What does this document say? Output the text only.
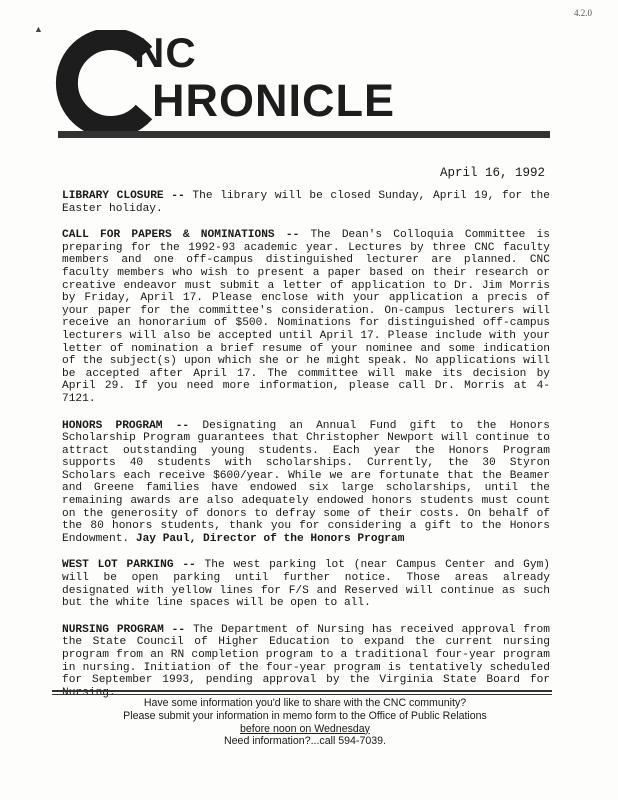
▲
4.2.0
NC
HRONICLE
April 16, 1992

LIBRARY CLOSURE -- The library will be closed Sunday, April 19, for the Easter holiday.

CALL FOR PAPERS & NOMINATIONS -- The Dean's Colloquia Committee is preparing for the 1992-93 academic year. Lectures by three CNC faculty members and one off-campus distinguished lecturer are planned. CNC faculty members who wish to present a paper based on their research or creative endeavor must submit a letter of application to Dr. Jim Morris by Friday, April 17. Please enclose with your application a precis of your paper for the committee's consideration. On-campus lecturers will receive an honorarium of $500. Nominations for distinguished off-campus lecturers will also be accepted until April 17. Please include with your letter of nomination a brief resume of your nominee and some indication of the subject(s) upon which she or he might speak. No applications will be accepted after April 17. The committee will make its decision by April 29. If you need more information, please call Dr. Morris at 4-7121.

HONORS PROGRAM -- Designating an Annual Fund gift to the Honors Scholarship Program guarantees that Christopher Newport will continue to attract outstanding young students. Each year the Honors Program supports 40 students with scholarships. Currently, the 30 Styron Scholars each receive $600/year. While we are fortunate that the Beamer and Greene families have endowed six large scholarships, until the remaining awards are also adequately endowed honors students must count on the generosity of donors to defray some of their costs. On behalf of the 80 honors students, thank you for considering a gift to the Honors Endowment. Jay Paul, Director of the Honors Program

WEST LOT PARKING -- The west parking lot (near Campus Center and Gym) will be open parking until further notice. Those areas already designated with yellow lines for F/S and Reserved will continue as such but the white line spaces will be open to all.

NURSING PROGRAM -- The Department of Nursing has received approval from the State Council of Higher Education to expand the current nursing program from an RN completion program to a traditional four-year program in nursing. Initiation of the four-year program is tentatively scheduled for September 1993, pending approval by the Virginia State Board for Nursing.

Have some information you'd like to share with the CNC community?
Please submit your information in memo form to the Office of Public Relations
before noon on Wednesday
Need information?...call 594-7039.
